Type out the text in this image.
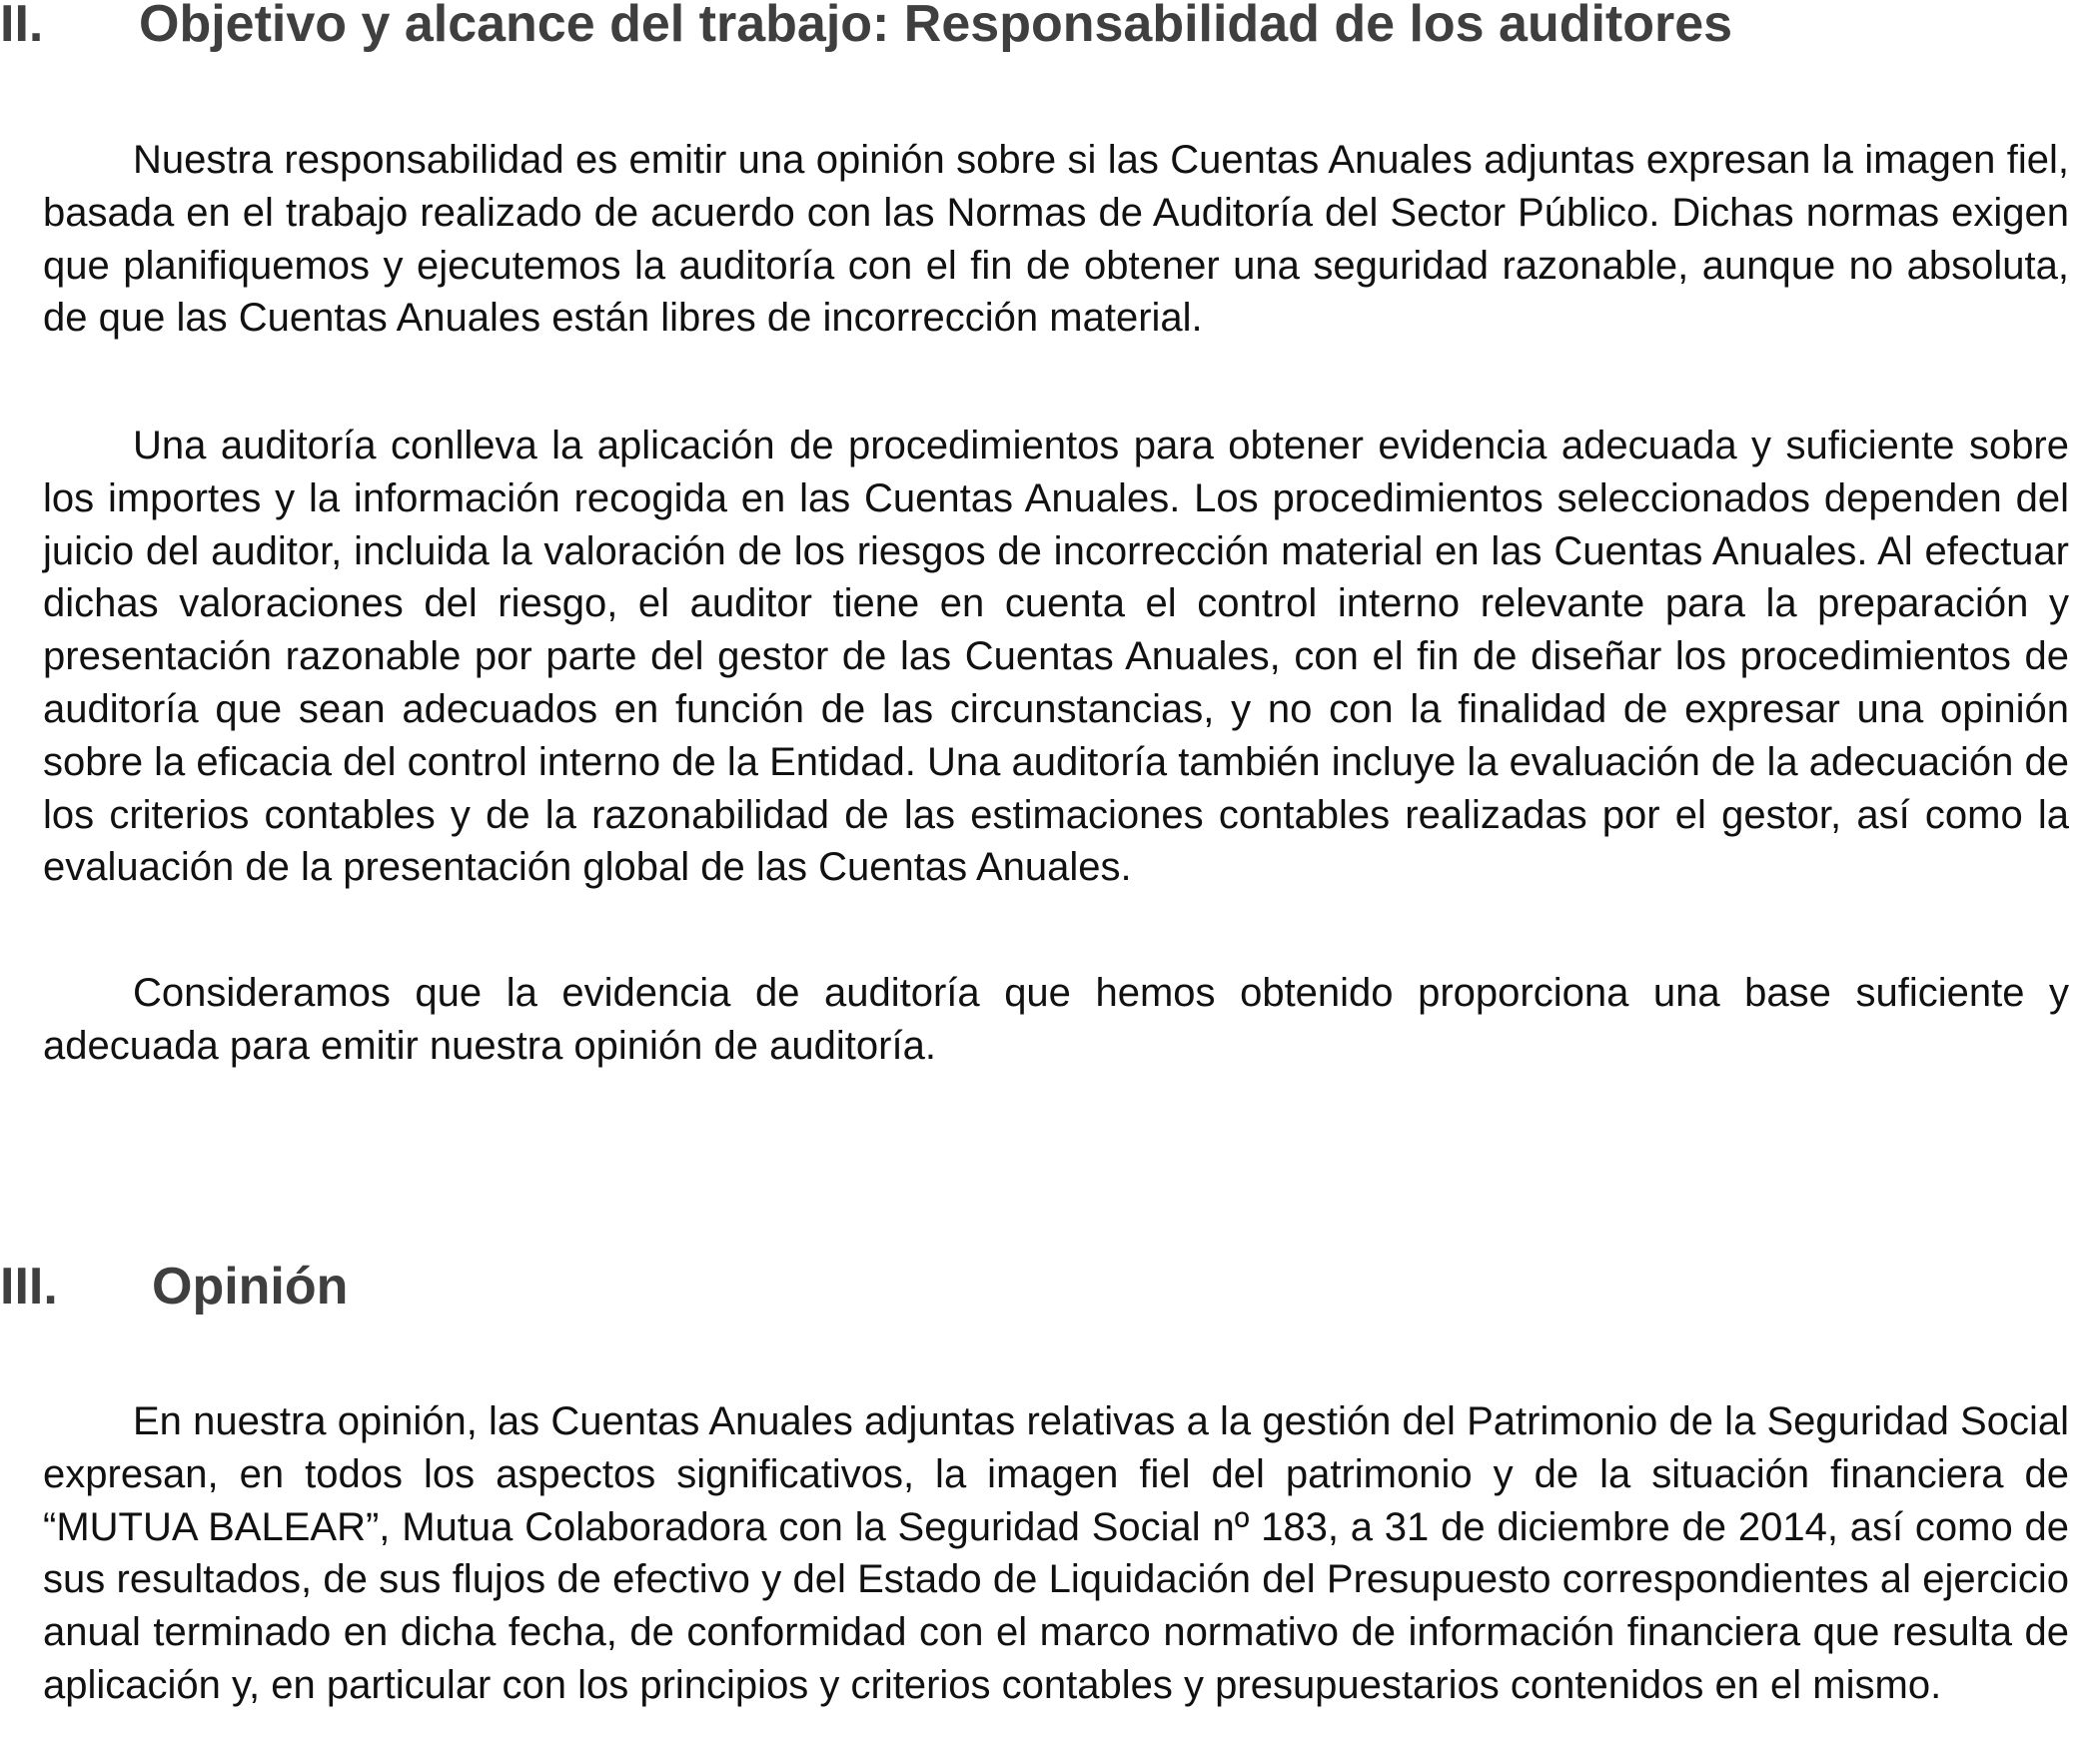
II. Objetivo y alcance del trabajo: Responsabilidad de los auditores

Nuestra responsabilidad es emitir una opinión sobre si las Cuentas Anuales adjuntas expresan la imagen fiel, basada en el trabajo realizado de acuerdo con las Normas de Auditoría del Sector Público. Dichas normas exigen que planifiquemos y ejecutemos la auditoría con el fin de obtener una seguridad razonable, aunque no absoluta, de que las Cuentas Anuales están libres de incorrección material.

Una auditoría conlleva la aplicación de procedimientos para obtener evidencia adecuada y suficiente sobre los importes y la información recogida en las Cuentas Anuales. Los procedimientos seleccionados dependen del juicio del auditor, incluida la valoración de los riesgos de incorrección material en las Cuentas Anuales. Al efectuar dichas valoraciones del riesgo, el auditor tiene en cuenta el control interno relevante para la preparación y presentación razonable por parte del gestor de las Cuentas Anuales, con el fin de diseñar los procedimientos de auditoría que sean adecuados en función de las circunstancias, y no con la finalidad de expresar una opinión sobre la eficacia del control interno de la Entidad. Una auditoría también incluye la evaluación de la adecuación de los criterios contables y de la razonabilidad de las estimaciones contables realizadas por el gestor, así como la evaluación de la presentación global de las Cuentas Anuales.

Consideramos que la evidencia de auditoría que hemos obtenido proporciona una base suficiente y adecuada para emitir nuestra opinión de auditoría.

III. Opinión

En nuestra opinión, las Cuentas Anuales adjuntas relativas a la gestión del Patrimonio de la Seguridad Social expresan, en todos los aspectos significativos, la imagen fiel del patrimonio y de la situación financiera de “MUTUA BALEAR”, Mutua Colaboradora con la Seguridad Social nº 183, a 31 de diciembre de 2014, así como de sus resultados, de sus flujos de efectivo y del Estado de Liquidación del Presupuesto correspondientes al ejercicio anual terminado en dicha fecha, de conformidad con el marco normativo de información financiera que resulta de aplicación y, en particular con los principios y criterios contables y presupuestarios contenidos en el mismo.
